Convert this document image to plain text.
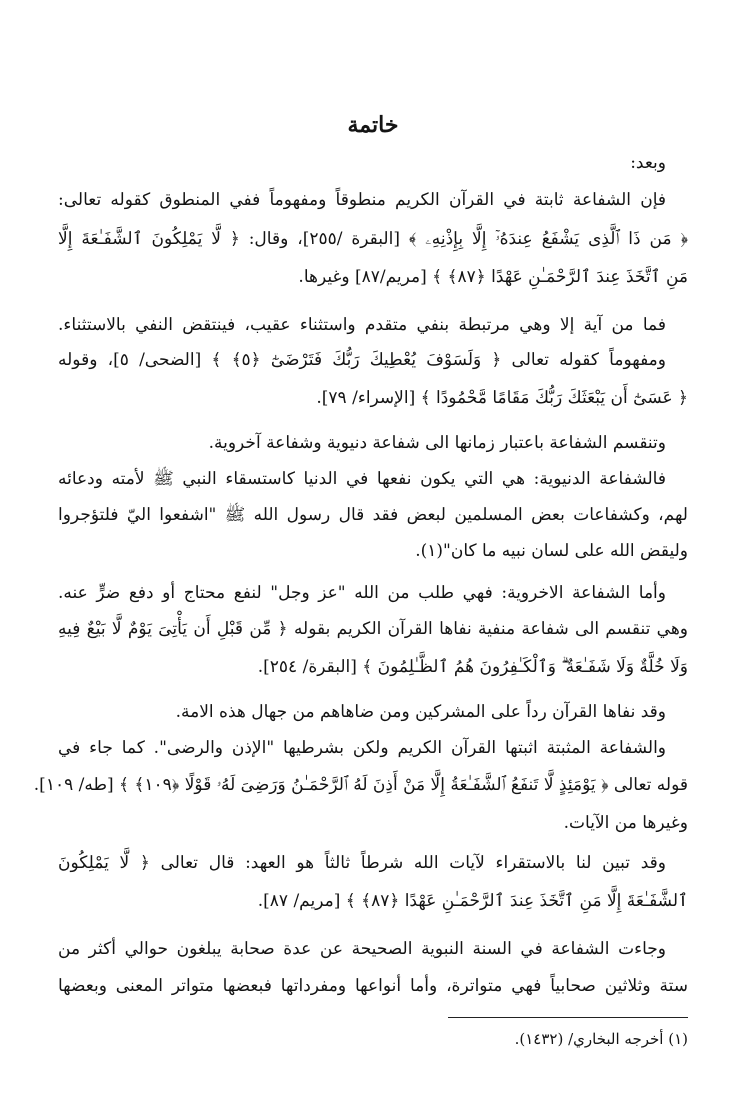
خاتمة
وبعد:
فإن الشفاعة ثابتة في القرآن الكريم منطوقاً ومفهوماً ففي المنطوق كقوله تعالى:
﴿ مَن ذَا ٱلَّذِى يَشْفَعُ عِندَهُۥٓ إِلَّا بِإِذْنِهِۦ ﴾ [البقرة /٢٥٥]، وقال: ﴿ لَّا يَمْلِكُونَ ٱلشَّفَـٰعَةَ إِلَّا
مَنِ ٱتَّخَذَ عِندَ ٱلرَّحْمَـٰنِ عَهْدًا ﴿٨٧﴾ ﴾ [مريم/٨٧] وغيرها.
فما من آية إلا وهي مرتبطة بنفي متقدم واستثناء عقيب، فينتقض النفي بالاستثناء.
ومفهوماً كقوله تعالى ﴿ وَلَسَوْفَ يُعْطِيكَ رَبُّكَ فَتَرْضَىٰٓ ﴿٥﴾ ﴾ [الضحى/ ٥]، وقوله
﴿ عَسَىٰٓ أَن يَبْعَثَكَ رَبُّكَ مَقَامًا مَّحْمُودًا ﴾ [الإسراء/ ٧٩].
وتنقسم الشفاعة باعتبار زمانها الى شفاعة دنيوية وشفاعة آخروية.
فالشفاعة الدنيوية: هي التي يكون نفعها في الدنيا كاستسقاء النبي ﷺ لأمته ودعائه
لهم، وكشفاعات بعض المسلمين لبعض فقد قال رسول الله ﷺ "اشفعوا اليّ فلتؤجروا
وليقض الله على لسان نبيه ما كان"(١).
وأما الشفاعة الاخروية: فهي طلب من الله "عز وجل" لنفع محتاج أو دفع ضرٍّ عنه.
وهي تنقسم الى شفاعة منفية نفاها القرآن الكريم بقوله ﴿ مِّن قَبْلِ أَن يَأْتِىَ يَوْمٌ لَّا بَيْعٌ فِيهِ
وَلَا خُلَّةٌ وَلَا شَفَـٰعَةٌ ۗ وَٱلْكَـٰفِرُونَ هُمُ ٱلظَّـٰلِمُونَ ﴾ [البقرة/ ٢٥٤].
وقد نفاها القرآن رداً على المشركين ومن ضاهاهم من جهال هذه الامة.
والشفاعة المثبتة اثبتها القرآن الكريم ولكن بشرطيها "الإذن والرضى". كما جاء في
قوله تعالى ﴿ يَوْمَئِذٍ لَّا تَنفَعُ ٱلشَّفَـٰعَةُ إِلَّا مَنْ أَذِنَ لَهُ ٱلرَّحْمَـٰنُ وَرَضِىَ لَهُۥ قَوْلًا ﴿١٠٩﴾ ﴾ [طه/ ١٠٩].
وغيرها من الآيات.
وقد تبين لنا بالاستقراء لآيات الله شرطاً ثالثاً هو العهد: قال تعالى ﴿ لَّا يَمْلِكُونَ
ٱلشَّفَـٰعَةَ إِلَّا مَنِ ٱتَّخَذَ عِندَ ٱلرَّحْمَـٰنِ عَهْدًا ﴿٨٧﴾ ﴾ [مريم/ ٨٧].
وجاءت الشفاعة في السنة النبوية الصحيحة عن عدة صحابة يبلغون حوالي أكثر من
ستة وثلاثين صحابياً فهي متواترة، وأما أنواعها ومفرداتها فبعضها متواتر المعنى وبعضها
(١) أخرجه البخاري/ (١٤٣٢).
